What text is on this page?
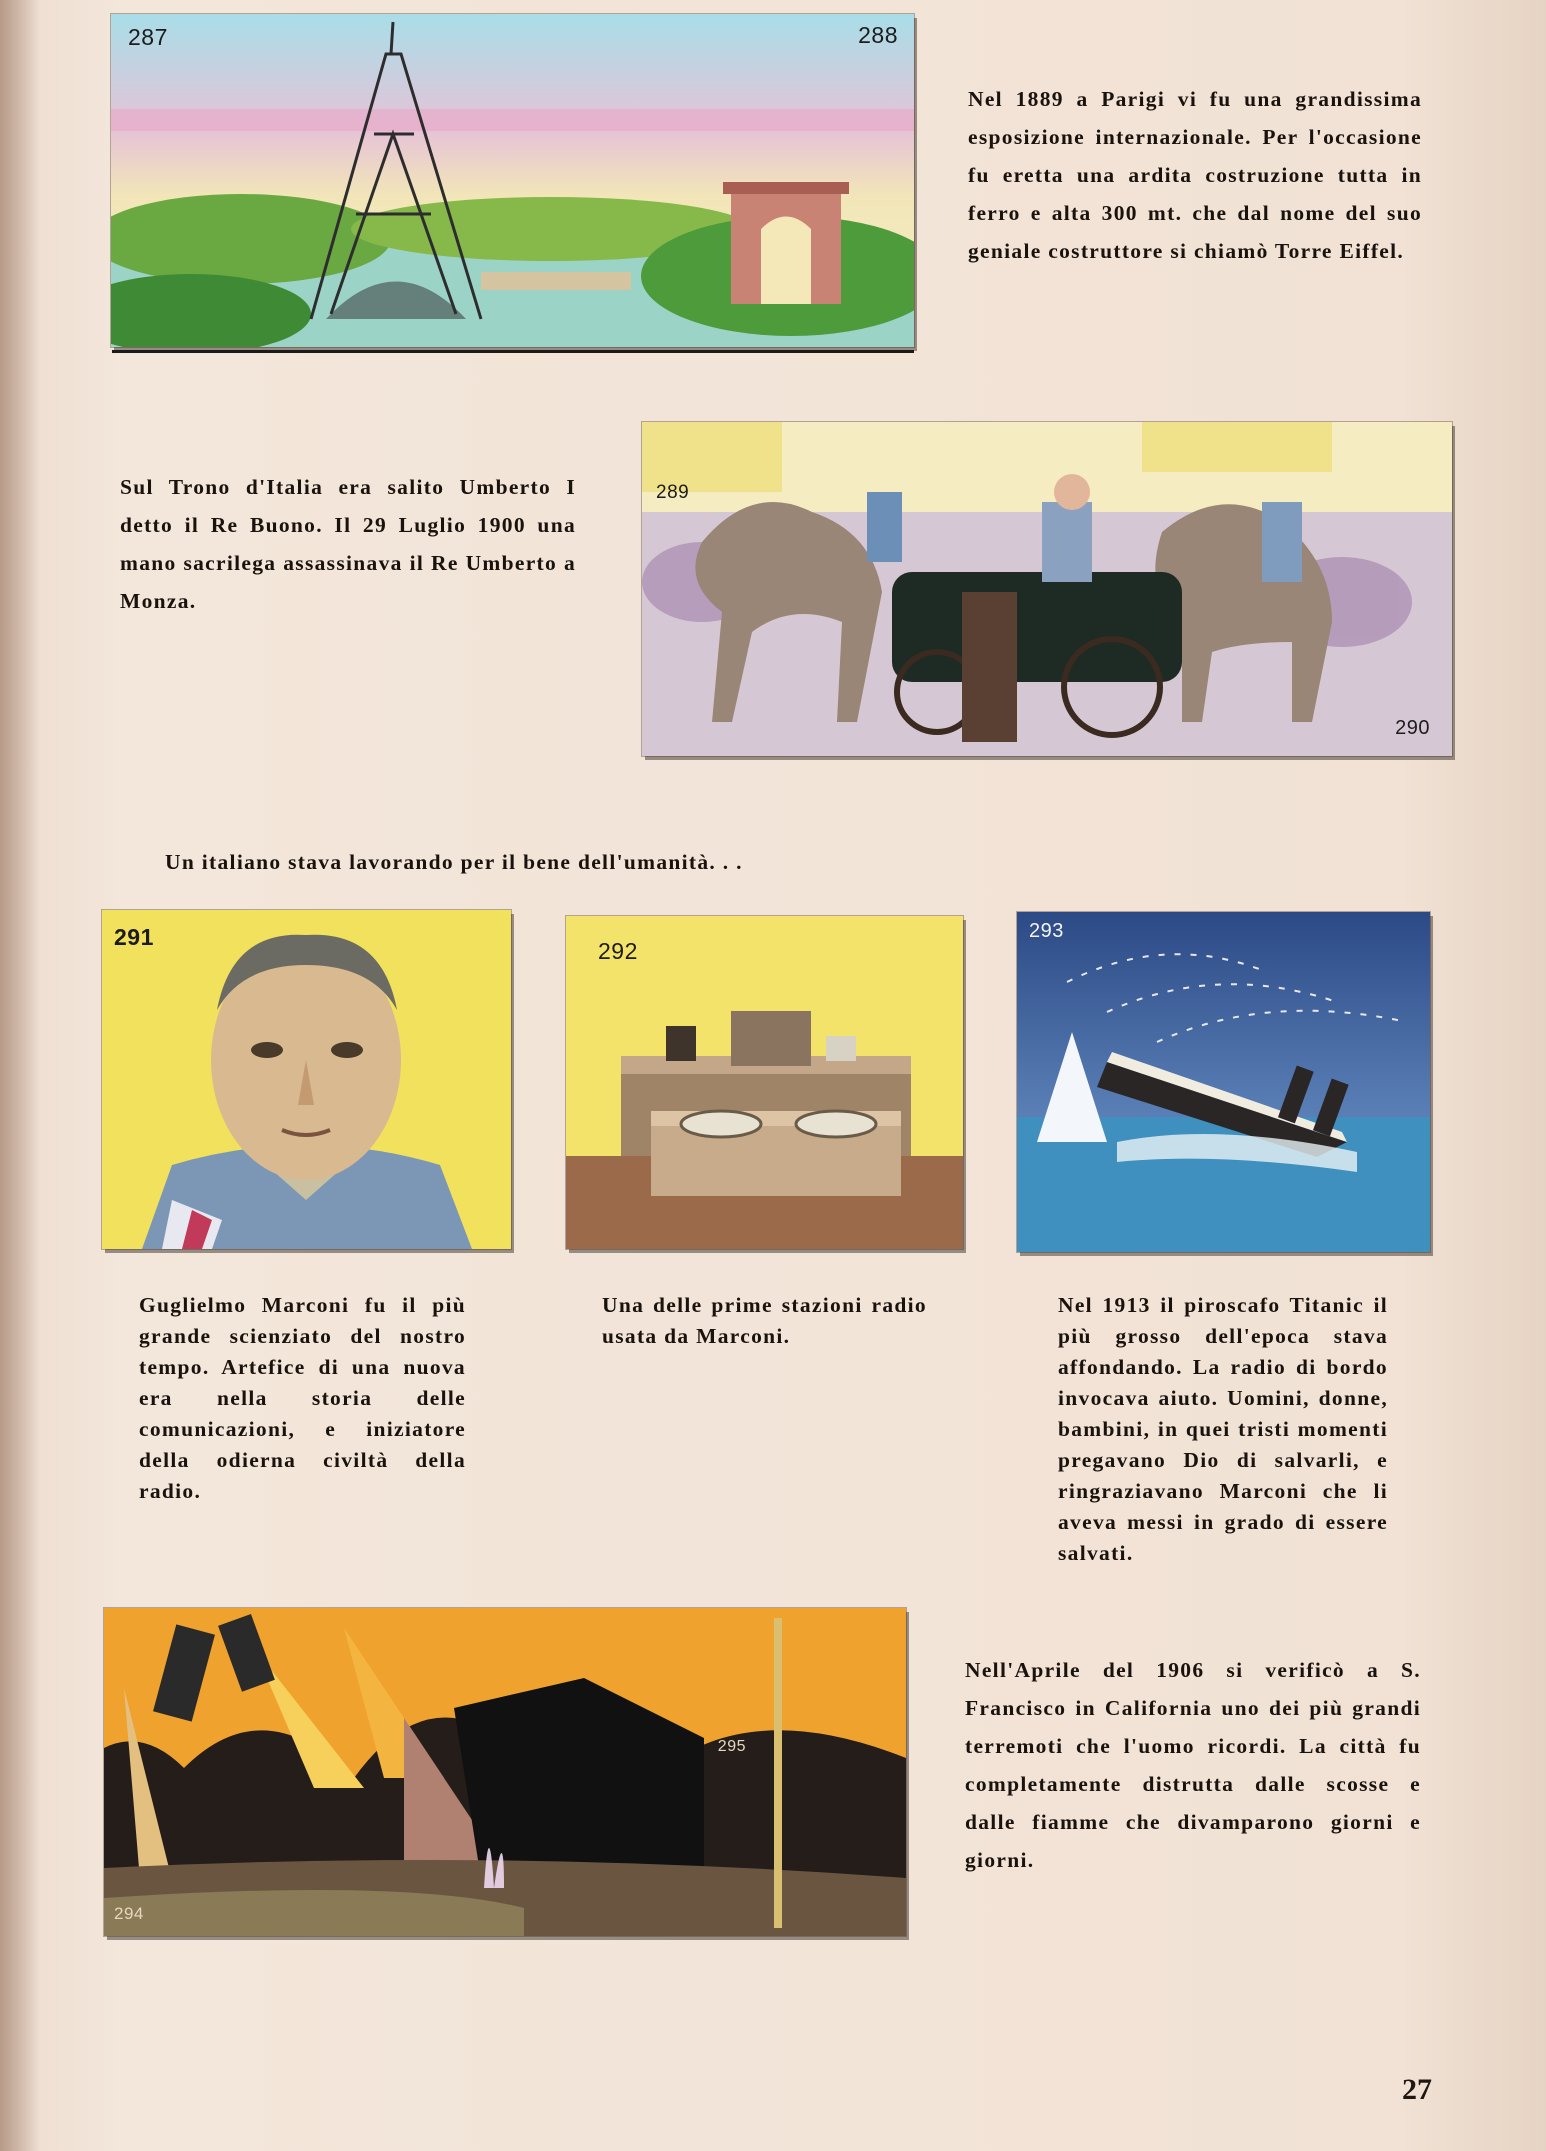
287	288
Nel 1889 a Parigi vi fu una grandissima esposizione internazionale. Per l'occasione fu eretta una ardita costruzione tutta in ferro e alta 300 mt. che dal nome del suo geniale costruttore si chiamò Torre Eiffel.
289
290
Sul Trono d'Italia era salito Umberto I detto il Re Buono. Il 29 Luglio 1900 una mano sacrilega assassinava il Re Umberto a Monza.
Un italiano stava lavorando per il bene dell'umanità. . .
291
292
293
Guglielmo Marconi fu il più grande scienziato del nostro tempo. Artefice di una nuova era nella storia delle comunicazioni, e iniziatore della odierna civiltà della radio.
Una delle prime stazioni radio usata da Marconi.
Nel 1913 il piroscafo Titanic il più grosso dell'epoca stava affondando. La radio di bordo invocava aiuto. Uomini, donne, bambini, in quei tristi momenti pregavano Dio di salvarli, e ringraziavano Marconi che li aveva messi in grado di essere salvati.
294
295
Nell'Aprile del 1906 si verificò a S. Francisco in California uno dei più grandi terremoti che l'uomo ricordi. La città fu completamente distrutta dalle scosse e dalle fiamme che divamparono giorni e giorni.
27
